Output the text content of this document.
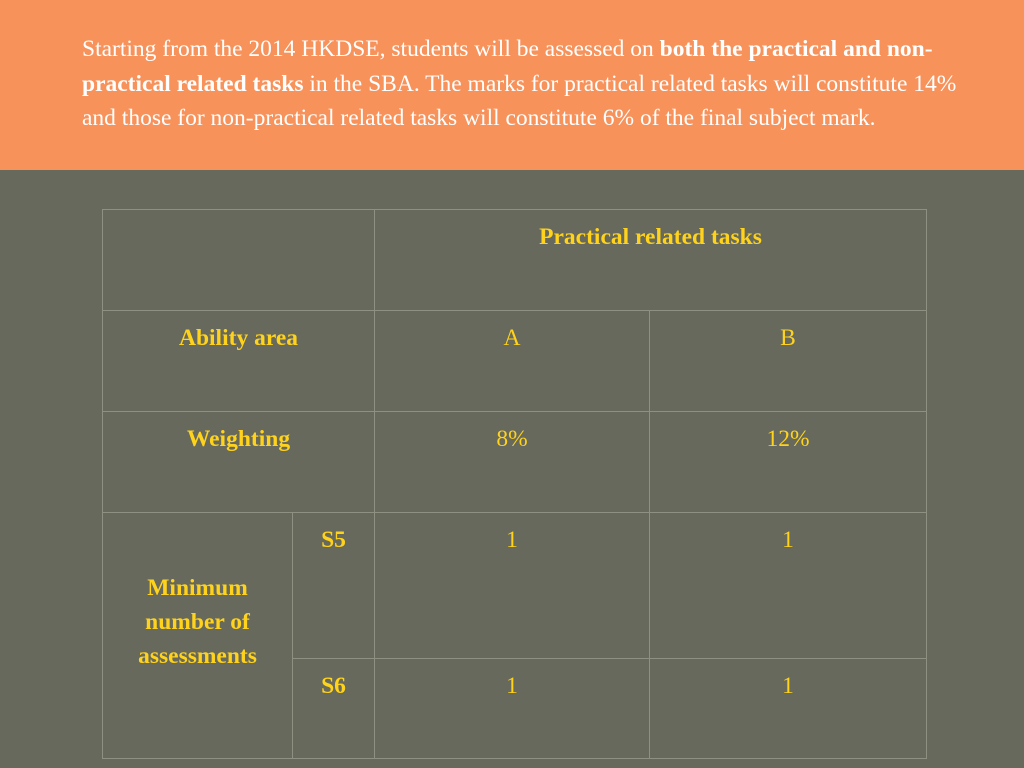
Starting from the 2014 HKDSE, students will be assessed on both the practical and non-practical related tasks in the SBA. The marks for practical related tasks will constitute 14% and those for non-practical related tasks will constitute 6% of the final subject mark.

		Practical related tasks	
Ability area		A	B
Weighting		8%	12%

Minimum number of assessments	S5	1	1
	S6	1	1
